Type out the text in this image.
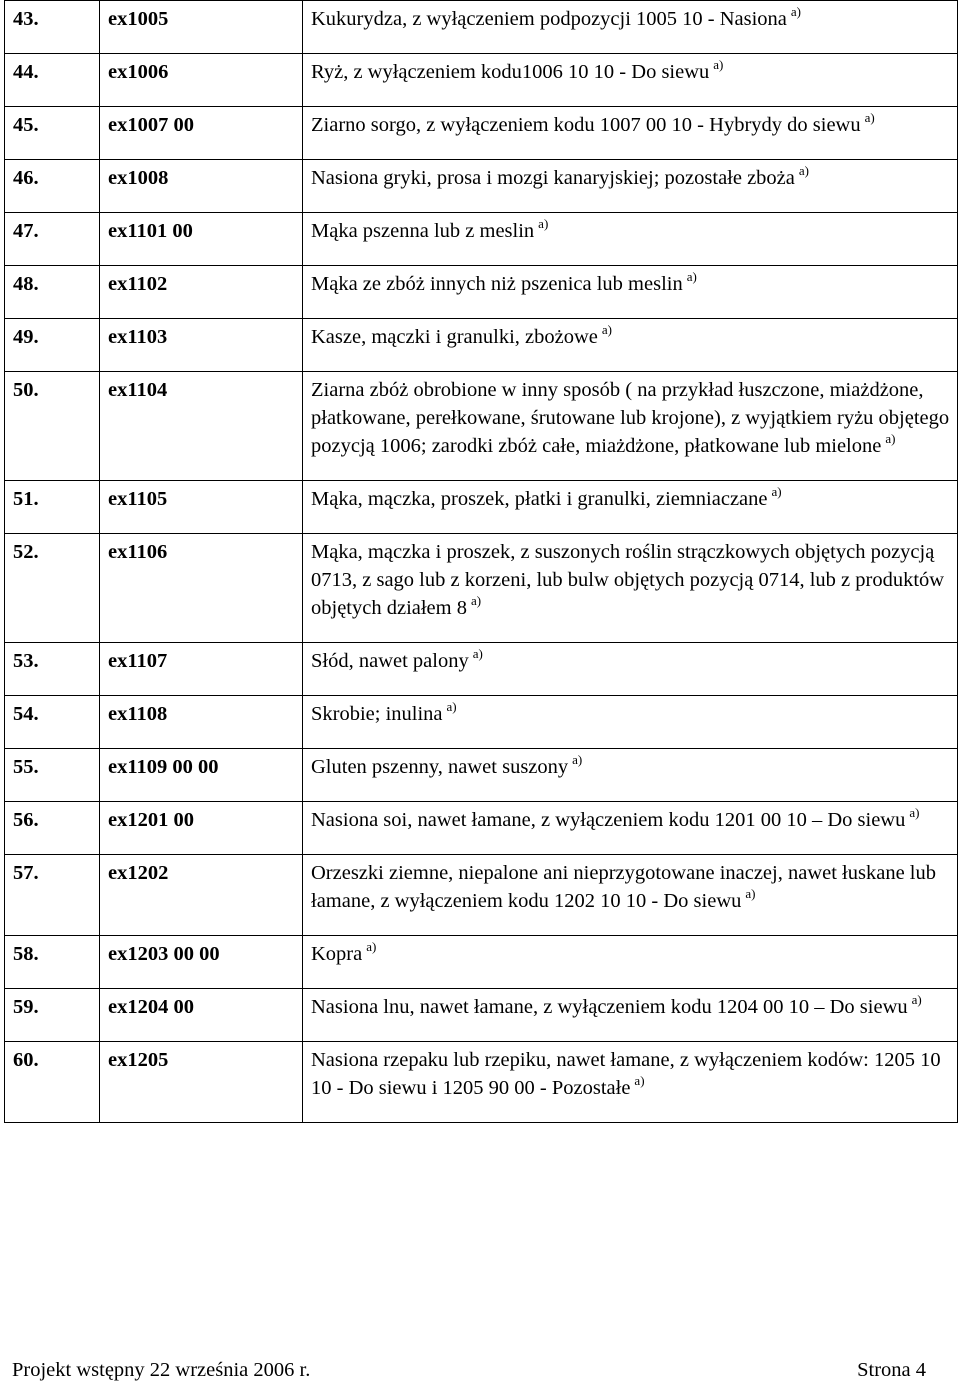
43.	ex1005	Kukurydza, z wyłączeniem podpozycji 1005 10 - Nasiona $^{a)}$
44.	ex1006	Ryż, z wyłączeniem kodu1006 10 10 - Do siewu $^{a)}$
45.	ex1007 00	Ziarno sorgo, z wyłączeniem kodu 1007 00 10 - Hybrydy do siewu $^{a)}$
46.	ex1008	Nasiona gryki, prosa i mozgi kanaryjskiej; pozostałe zboża $^{a)}$
47.	ex1101 00	Mąka pszenna lub z meslin $^{a)}$
48.	ex1102	Mąka ze zbóż innych niż pszenica lub meslin $^{a)}$
49.	ex1103	Kasze, mączki i granulki, zbożowe $^{a)}$
50.	ex1104	Ziarna zbóż obrobione w inny sposób ( na przykład łuszczone, miażdżone, płatkowane, perełkowane, śrutowane lub krojone), z wyjątkiem ryżu objętego pozycją 1006; zarodki zbóż całe, miażdżone, płatkowane lub mielone $^{a)}$
51.	ex1105	Mąka, mączka, proszek, płatki i granulki, ziemniaczane $^{a)}$
52.	ex1106	Mąka, mączka i proszek, z suszonych roślin strączkowych objętych pozycją 0713, z sago lub z korzeni, lub bulw objętych pozycją 0714, lub z produktów objętych działem 8 $^{a)}$
53.	ex1107	Słód, nawet palony $^{a)}$
54.	ex1108	Skrobie; inulina $^{a)}$
55.	ex1109 00 00	Gluten pszenny, nawet suszony $^{a)}$
56.	ex1201 00	Nasiona soi, nawet łamane, z wyłączeniem kodu 1201 00 10 – Do siewu $^{a)}$
57.	ex1202	Orzeszki ziemne, niepalone ani nieprzygotowane inaczej, nawet łuskane lub łamane, z wyłączeniem kodu 1202 10 10 - Do siewu $^{a)}$
58.	ex1203 00 00	Kopra $^{a)}$
59.	ex1204 00	Nasiona lnu, nawet łamane, z wyłączeniem kodu 1204 00 10 – Do siewu $^{a)}$
60.	ex1205	Nasiona rzepaku lub rzepiku, nawet łamane, z wyłączeniem kodów: 1205 10 10 - Do siewu i 1205 90 00 - Pozostałe $^{a)}$
Projekt wstępny 22 września 2006 r.	Strona 4
